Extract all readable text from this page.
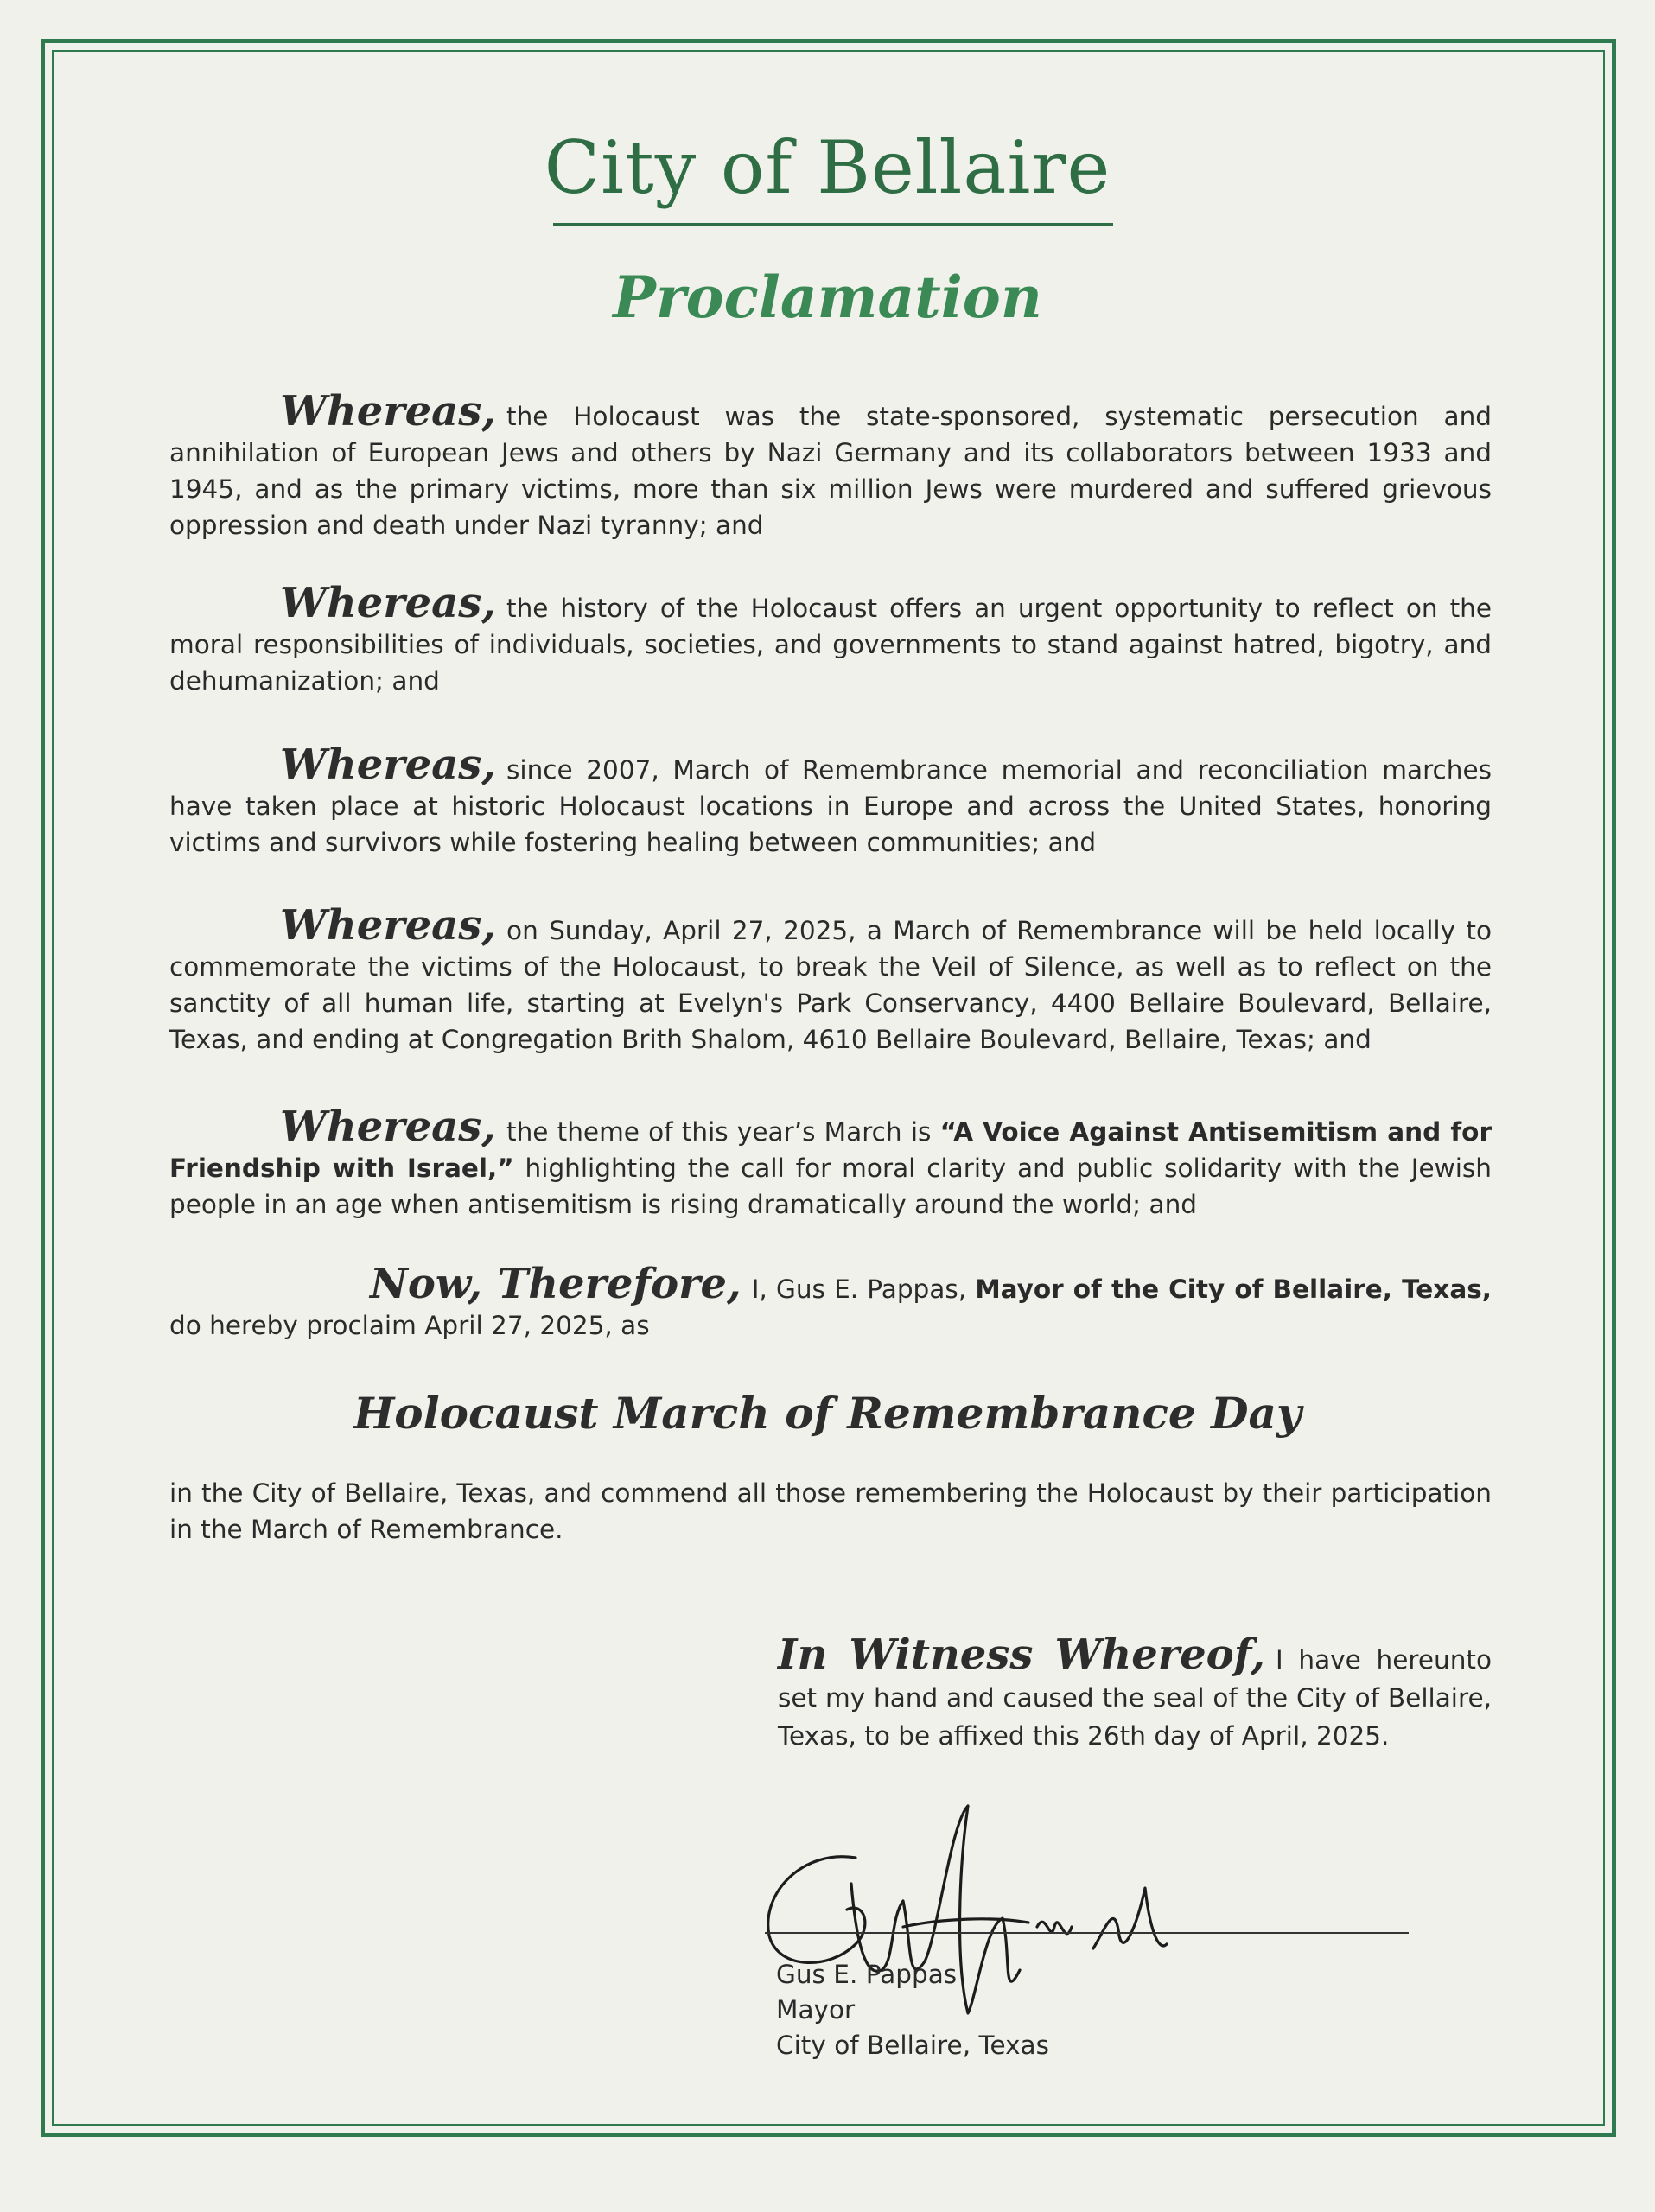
City of Bellaire
Proclamation
Whereas, the Holocaust was the state-sponsored, systematic persecution and annihilation of European Jews and others by Nazi Germany and its collaborators between 1933 and 1945, and as the primary victims, more than six million Jews were murdered and suffered grievous oppression and death under Nazi tyranny; and
Whereas, the history of the Holocaust offers an urgent opportunity to reflect on the moral responsibilities of individuals, societies, and governments to stand against hatred, bigotry, and dehumanization; and
Whereas, since 2007, March of Remembrance memorial and reconciliation marches have taken place at historic Holocaust locations in Europe and across the United States, honoring victims and survivors while fostering healing between communities; and
Whereas, on Sunday, April 27, 2025, a March of Remembrance will be held locally to commemorate the victims of the Holocaust, to break the Veil of Silence, as well as to reflect on the sanctity of all human life, starting at Evelyn's Park Conservancy, 4400 Bellaire Boulevard, Bellaire, Texas, and ending at Congregation Brith Shalom, 4610 Bellaire Boulevard, Bellaire, Texas; and
Whereas, the theme of this year’s March is “A Voice Against Antisemitism and for Friendship with Israel,” highlighting the call for moral clarity and public solidarity with the Jewish people in an age when antisemitism is rising dramatically around the world; and
Now, Therefore, I, Gus E. Pappas, Mayor of the City of Bellaire, Texas, do hereby proclaim April 27, 2025, as
Holocaust March of Remembrance Day
in the City of Bellaire, Texas, and commend all those remembering the Holocaust by their participation in the March of Remembrance.
In Witness Whereof, I have hereunto set my hand and caused the seal of the City of Bellaire, Texas, to be affixed this 26th day of April, 2025.
Gus E. Pappas
Mayor
City of Bellaire, Texas
